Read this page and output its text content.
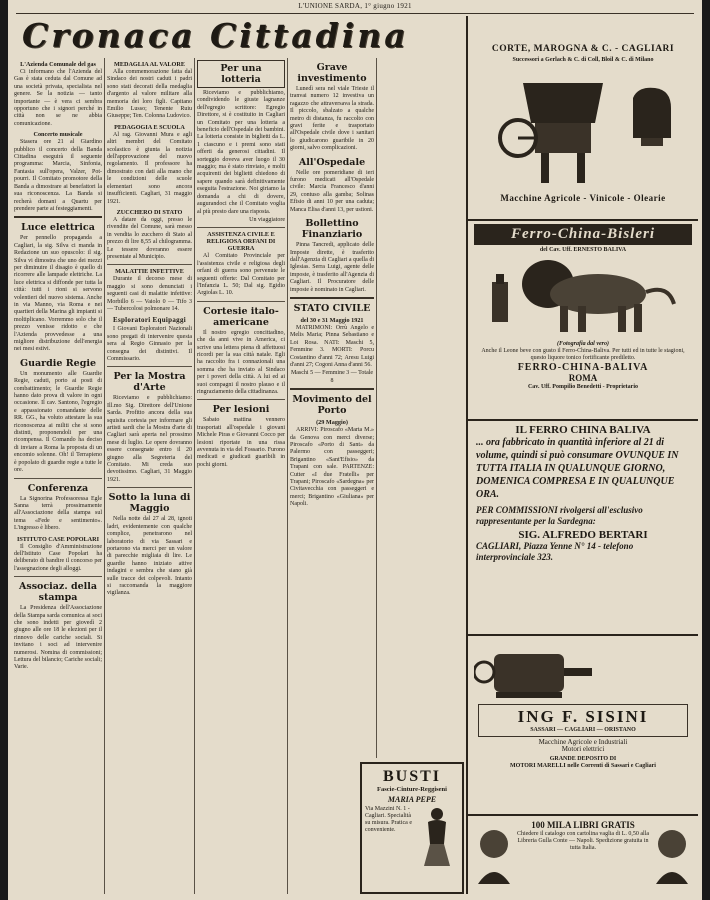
L'UNIONE SARDA, 1° giugno 1921
Cronaca Cittadina
L'Azienda Comunale del gas

Ci informano che l'Azienda del Gas è stata ceduta dal Comune ad una società privata, specialista nel genere. Se la notizia — tanto importante — è vera ci sembra opportuno che i signori perché in città non se ne abbia comunicazione.

Concerto musicale

Stasera ore 21 al Giardino pubblico il concerto della Banda Cittadina eseguirà il seguente programma: Marcia, Sinfonia, Fantasia sull'opera, Valzer, Pot-pourri. Il Comitato promotore della Banda a dimostrare ai benefattori la sua riconoscenza. La Banda si recherà domani a Quartu per prendere parte ai festeggiamenti.

Luce elettrica

Per pennello propaganda a Cagliari, la sig. Silva ci manda in Redazione un suo opuscolo: il sig. Silva vi dimostra che uno dei mezzi per diminuire il disagio è quello di ricorrere alle lampade elettriche. La luce elettrica si diffonde per tutta la città: tutti i rioni si servono volentieri del nuovo sistema. Anche in via Manno, via Roma e nei quartieri della Marina gli impianti si moltiplicano. Vorremmo solo che il prezzo venisse ridotto e che l'Azienda provvedesse a una migliore distribuzione dell'energia nei mesi estivi.

Guardie Regie

Un monumento alle Guardie Regie, caduti, porto ai posti di combattimento; le Guardie Regie hanno dato prova di valore in ogni occasione. Il cav. Santono, l'egregio e appassionato comandante delle RR. GG., ha voluto attestare la sua riconoscenza ai militi che si sono distinti, proponendoli per una ricompensa. Il Comando ha deciso di inviare a Roma la proposta di un encomio solenne. Oh! il Terrapieno è popolato di guardie regie a tutte le ore.

Conferenza

La Signorina Professoressa Egle Sanna terrà prossimamente all'Associazione della stampa sul tema «Fede e sentimento». L'ingresso è libero.

ISTITUTO CASE POPOLARI

Il Consiglio d'Amministrazione dell'Istituto Case Popolari ha deliberato di bandire il concorso per l'assegnazione degli alloggi.

Associaz. della stampa

La Presidenza dell'Associazione della Stampa sarda comunica ai soci che sono indetti per giovedì 2 giugno alle ore 18 le elezioni per il rinnovo delle cariche sociali. Si invitano i soci ad intervenire numerosi. Nomina di commissioni; Lettura del bilancio; Cariche sociali; Varie.

MEDAGLIA AL VALORE

Alla commemorazione fatta dal Sindaco dei nostri caduti i padri sono stati decorati della medaglia d'argento al valore militare alla memoria dei loro figli. Capitano Emilio Lusso; Tenente Ruiu Giuseppe; Ten. Colonna Ludovico.

PEDAGOGIA E SCUOLA

Al rag. Giovanni Mura e agli altri membri del Comitato scolastico è giunta la notizia dell'approvazione del nuovo regolamento. Il professore ha dimostrato con dati alla mano che le condizioni delle scuole elementari sono ancora insufficienti. Cagliari, 31 maggio 1921.

ZUCCHERO DI STATO

A datare da oggi, presso le rivendite del Comune, sarà messo in vendita lo zucchero di Stato al prezzo di lire 8,55 al chilogramma. Le tessere dovranno essere presentate al Municipio.

MALATTIE INFETTIVE

Durante il decorso mese di maggio si sono denunciati i seguenti casi di malattie infettive: Morbillo 6 — Vaiolo 0 — Tifo 3 — Tubercolosi polmonare 14.

Esploratori Equipaggi

I Giovani Esploratori Nazionali sono pregati di intervenire questa sera al Regio Ginnasio per la consegna dei distintivi. Il Commissario.

Per la Mostra d'Arte

Riceviamo e pubblichiamo: Ill.mo Sig. Direttore dell'Unione Sarda. Profitto ancora della sua squisita cortesia per informare gli artisti sardi che la Mostra d'arte di Cagliari sarà aperta nel prossimo mese di luglio. Le opere dovranno essere consegnate entro il 20 giugno alla Segreteria del Comitato. Mi creda suo devotissimo. Cagliari, 31 Maggio 1921.

Sotto la luna di Maggio

Nella notte dal 27 al 28, ignoti ladri, evidentemente con qualche complice, penetrarono nel laboratorio di via Sassari e portarono via merci per un valore di parecchie migliaia di lire. Le guardie hanno iniziato attive indagini e sembra che siano già sulle tracce dei colpevoli. Intanto si raccomanda la maggiore vigilanza.

Per una lotteria

Riceviamo e pubblichiamo, condividendo le giuste lagnanze dell'egregio scrittore: Egregio Direttore, si è costituito in Cagliari un Comitato per una lotteria a beneficio dell'Ospedale dei bambini. La lotteria consiste in biglietti da L. 1 ciascuno e i premi sono stati offerti da generosi cittadini. Il sorteggio doveva aver luogo il 30 maggio; ma è stato rinviato, e molti acquirenti dei biglietti chiedono di sapere quando sarà definitivamente eseguita l'estrazione. Noi giriamo la domanda a chi di dovere, augurandoci che il Comitato voglia al più presto dare una risposta.

Un viaggiatore

ASSISTENZA CIVILE E RELIGIOSA ORFANI DI GUERRA

Al Comitato Provinciale per l'assistenza civile e religiosa degli orfani di guerra sono pervenute le seguenti offerte: Dal Comitato per l'Infanzia L. 50; Dal sig. Egidio Argiolas L. 10.

Cortesie italo-americane

Il nostro egregio concittadino, che da anni vive in America, ci scrive una lettera piena di affettuosi ricordi per la sua città natale. Egli ha raccolto fra i connazionali una somma che ha inviato al Sindaco per i poveri della città. A lui ed ai suoi compagni il nostro plauso e il ringraziamento della cittadinanza.

Per lesioni

Sabato mattina vennero trasportati all'ospedale i giovani Michele Piras e Giovanni Cocco per lesioni riportate in una rissa avvenuta in via del Fossario. Furono medicati e giudicati guaribili in pochi giorni.

Grave investimento

Lunedì sera nel viale Trieste il tranvai numero 12 investiva un ragazzo che attraversava la strada. Il piccolo, sbalzato a qualche metro di distanza, fu raccolto con gravi ferite e trasportato all'Ospedale civile dove i sanitari lo giudicarono guaribile in 20 giorni, salvo complicazioni.

All'Ospedale

Nelle ore pomeridiane di ieri furono medicati all'Ospedale civile: Marcia Francesco d'anni 29, contuso alla gamba; Solinas Efisio di anni 10 per una caduta; Manca Elisa d'anni 13, per ustioni.

Bollettino Finanziario

Pinna Tancredi, applicato delle Imposte dirette, è trasferito dall'Agenzia di Cagliari a quella di Iglesias. Serra Luigi, agente delle imposte, è trasferito all'Agenzia di Cagliari. Il Procuratore delle imposte è nominato in Cagliari.

STATO CIVILE
del 30 e 31 Maggio 1921

MATRIMONI: Orrù Angelo e Melis Maria; Pinna Sebastiano e Loi Rosa. NATI: Maschi 5, Femmine 3. MORTI: Porcu Costantino d'anni 72; Aresu Luigi d'anni 27; Cogoni Anna d'anni 56.

Maschi 5 — Femmine 3 — Totale 8

Movimento del Porto
(29 Maggio)

ARRIVI: Piroscafo «Marta M.» da Genova con merci diverse; Piroscafo «Porto di Sant» da Palermo con passeggeri; Brigantino «Sant'Efisio» da Trapani con sale. PARTENZE: Cutter «I due Fratelli» per Trapani; Piroscafo «Sardegna» per Civitavecchia con passeggeri e merci; Brigantino «Giuliana» per Napoli.

BUSTI
Fascie-Cinture-Reggiseni
MARIA PEPE
Via Mazzini N. 1 - Cagliari. Specialità su misura. Pratica e conveniente.
CORTE, MAROGNA & C. - CAGLIARI
Successori a Gerlach & C. di Coll, Bloil & C. di Milano
Macchine Agricole - Vinicole - Olearie
Ferro-China-Bisleri
del Cav. Uff. ERNESTO BALIVA
(Fotografia dal vero)
Anche il Leone beve con gusto il Ferro-China-Baliva. Per tutti ed in tutte le stagioni, questo liquore tonico fortificante prediletto.
FERRO-CHINA-BALIVA
ROMA
Cav. Uff. Pompilio Benedetti - Proprietario
IL FERRO CHINA BALIVA
... ora fabbricato in quantità inferiore al 21 di volume, quindi si può consumare OVUNQUE IN TUTTA ITALIA IN QUALUNQUE GIORNO, DOMENICA COMPRESA E IN QUALUNQUE ORA.
PER COMMISSIONI rivolgersi all'esclusivo rappresentante per la Sardegna:
SIG. ALFREDO BERTARI
CAGLIARI, Piazza Yenne N° 14 - telefono interprovinciale 323.
ING F. SISINI
SASSARI — CAGLIARI — ORISTANO
Macchine Agricole e Industriali
Motori elettrici
GRANDE DEPOSITO DI
MOTORI MARELLI nelle Correnti di Sassari e Cagliari
100 MILA LIBRI GRATIS
Chiedere il catalogo con cartolina vaglia di L. 0,50 alla Libreria Gulla Conte — Napoli. Spedizione gratuita in tutta Italia.
